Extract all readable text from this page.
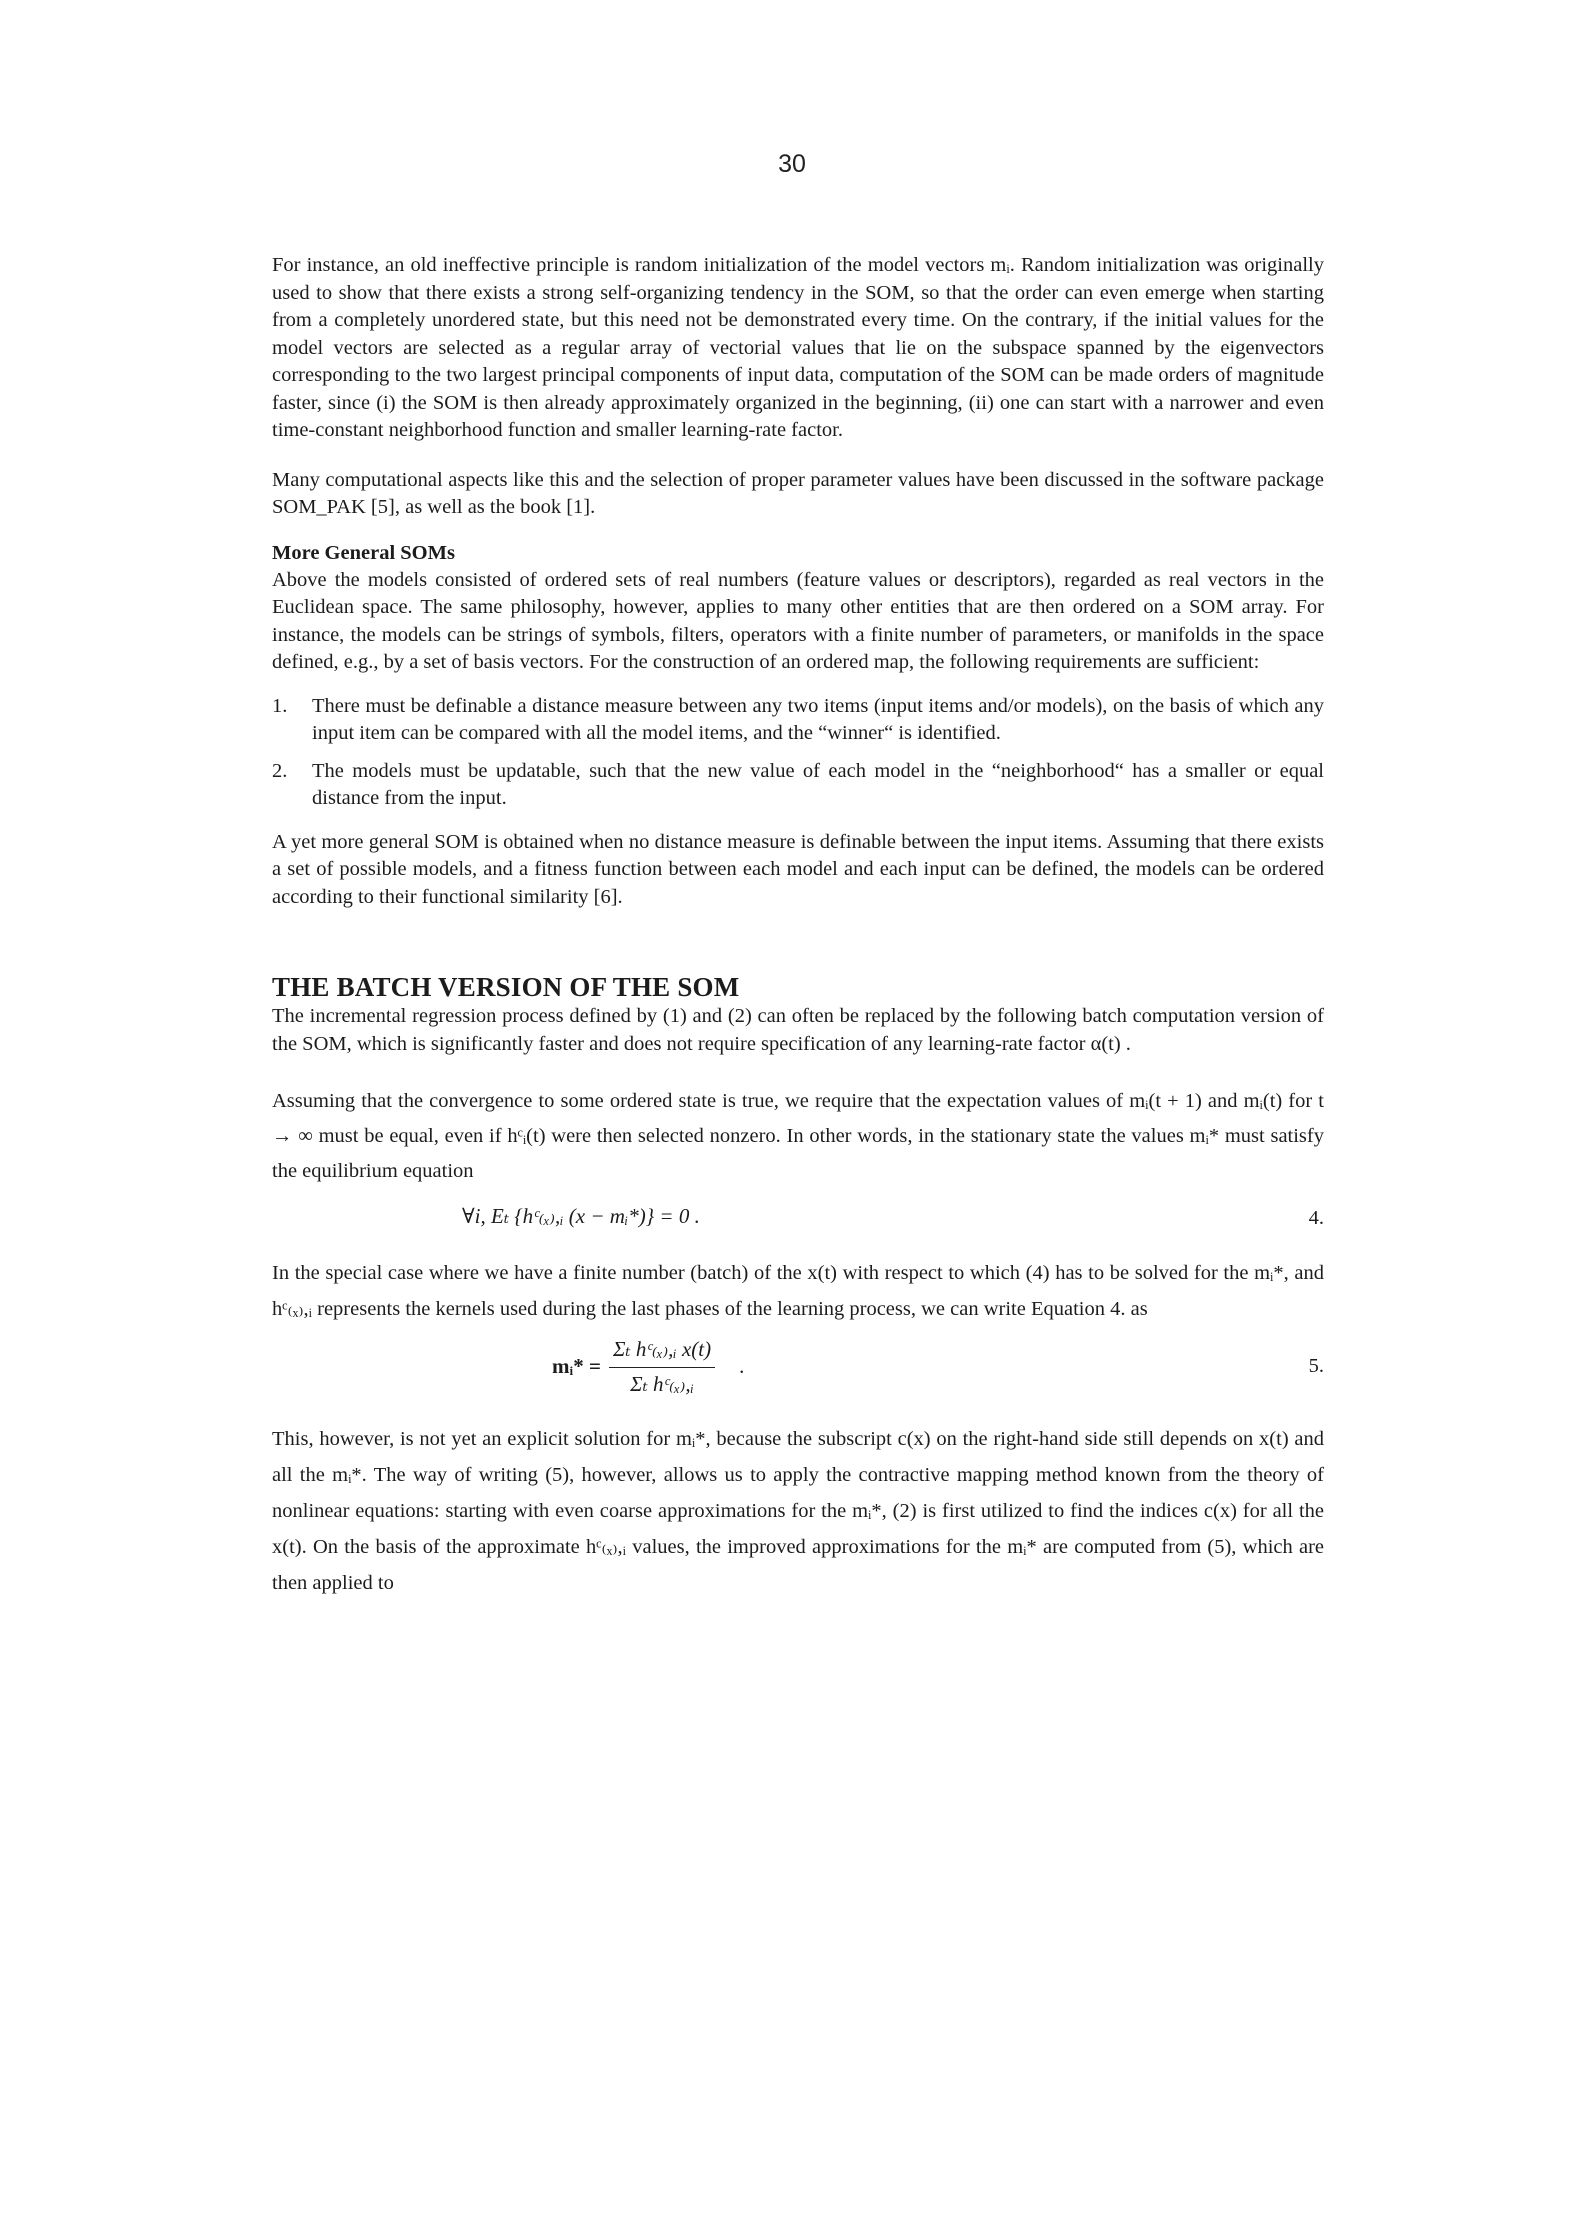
30

For instance, an old ineffective principle is random initialization of the model vectors mᵢ. Random initialization was originally used to show that there exists a strong self-organizing tendency in the SOM, so that the order can even emerge when starting from a completely unordered state, but this need not be demonstrated every time. On the contrary, if the initial values for the model vectors are selected as a regular array of vectorial values that lie on the subspace spanned by the eigenvectors corresponding to the two largest principal components of input data, computation of the SOM can be made orders of magnitude faster, since (i) the SOM is then already approximately organized in the beginning, (ii) one can start with a narrower and even time-constant neighborhood function and smaller learning-rate factor.

Many computational aspects like this and the selection of proper parameter values have been discussed in the software package SOM_PAK [5], as well as the book [1].

More General SOMs

Above the models consisted of ordered sets of real numbers (feature values or descriptors), regarded as real vectors in the Euclidean space. The same philosophy, however, applies to many other entities that are then ordered on a SOM array. For instance, the models can be strings of symbols, filters, operators with a finite number of parameters, or manifolds in the space defined, e.g., by a set of basis vectors. For the construction of an ordered map, the following requirements are sufficient:

1. There must be definable a distance measure between any two items (input items and/or models), on the basis of which any input item can be compared with all the model items, and the “winner“ is identified.
2. The models must be updatable, such that the new value of each model in the “neighborhood“ has a smaller or equal distance from the input.

A yet more general SOM is obtained when no distance measure is definable between the input items. Assuming that there exists a set of possible models, and a fitness function between each model and each input can be defined, the models can be ordered according to their functional similarity [6].

THE BATCH VERSION OF THE SOM

The incremental regression process defined by (1) and (2) can often be replaced by the following batch computation version of the SOM, which is significantly faster and does not require specification of any learning-rate factor α(t) .

Assuming that the convergence to some ordered state is true, we require that the expectation values of mᵢ(t + 1) and mᵢ(t) for t → ∞ must be equal, even if hᶜᵢ(t) were then selected nonzero. In other words, in the stationary state the values mᵢ* must satisfy the equilibrium equation

∀i, Eₜ {hᶜ₍ₓ₎,ᵢ (x − mᵢ*)} = 0 .	4.

In the special case where we have a finite number (batch) of the x(t) with respect to which (4) has to be solved for the mᵢ*, and hᶜ₍ₓ₎,ᵢ represents the kernels used during the last phases of the learning process, we can write Equation 4. as

mᵢ* = $\frac{\text{Σₜ hᶜ₍ₓ₎,ᵢ x(t)}}{\text{Σₜ hᶜ₍ₓ₎,ᵢ}}$ .	5.

This, however, is not yet an explicit solution for mᵢ*, because the subscript c(x) on the right-hand side still depends on x(t) and all the mᵢ*. The way of writing (5), however, allows us to apply the contractive mapping method known from the theory of nonlinear equations: starting with even coarse approximations for the mᵢ*, (2) is first utilized to find the indices c(x) for all the x(t). On the basis of the approximate hᶜ₍ₓ₎,ᵢ values, the improved approximations for the mᵢ* are computed from (5), which are then applied to
